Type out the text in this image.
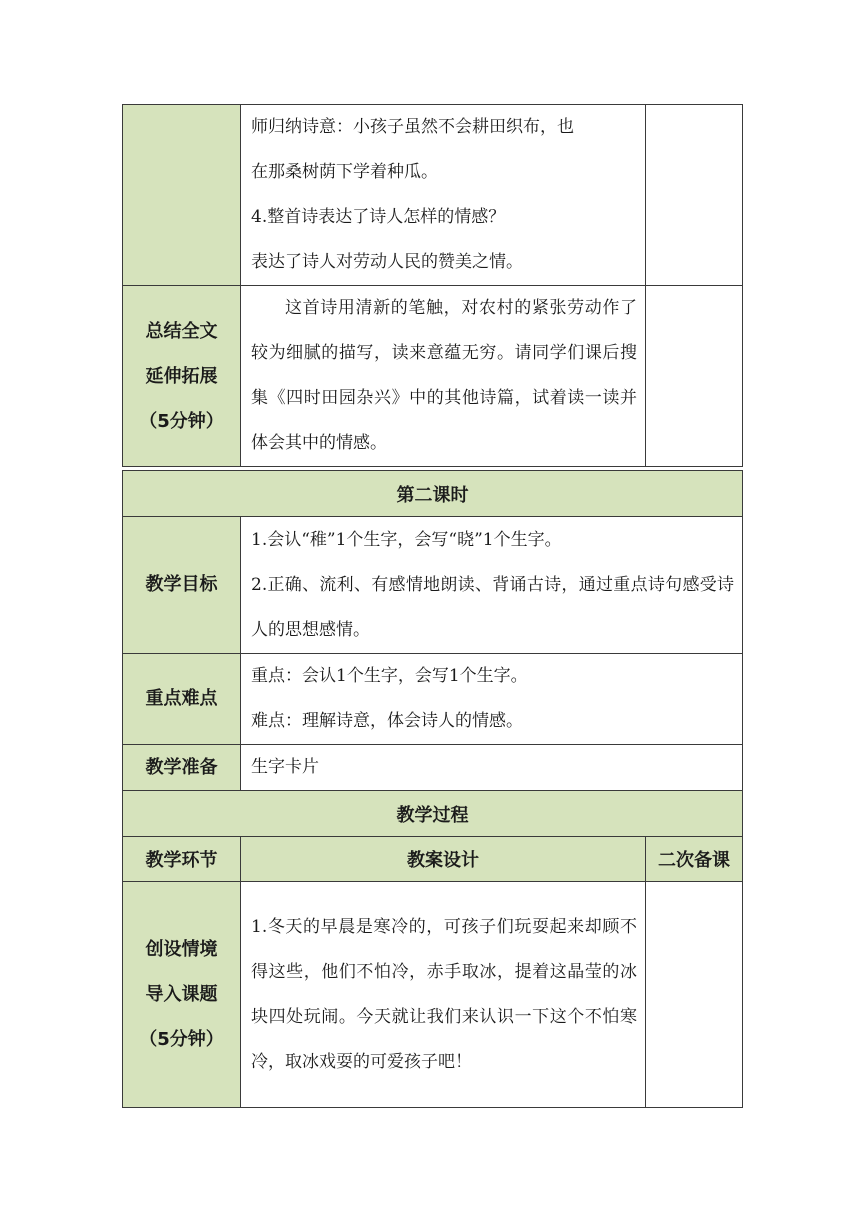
	师归纳诗意：小孩子虽然不会耕田织布，也

在那桑树荫下学着种瓜。

4.整首诗表达了诗人怎样的情感？

表达了诗人对劳动人民的赞美之情。	

总结全文
延伸拓展
（5分钟）	这首诗用清新的笔触，对农村的紧张劳动作了较为细腻的描写，读来意蕴无穷。请同学们课后搜集《四时田园杂兴》中的其他诗篇，试着读一读并体会其中的情感。	

第二课时		
教学目标	1.会认“稚”1个生字，会写“晓”1个生字。

2.正确、流利、有感情地朗读、背诵古诗，通过重点诗句感受诗人的思想感情。	

重点难点	重点：会认1个生字，会写1个生字。

难点：理解诗意，体会诗人的情感。	

教学准备	生字卡片	
教学过程		
教学环节	教案设计	二次备课

创设情境
导入课题
（5分钟）	1.冬天的早晨是寒冷的，可孩子们玩耍起来却顾不得这些，他们不怕冷，赤手取冰，提着这晶莹的冰块四处玩闹。今天就让我们来认识一下这个不怕寒冷，取冰戏耍的可爱孩子吧！	
